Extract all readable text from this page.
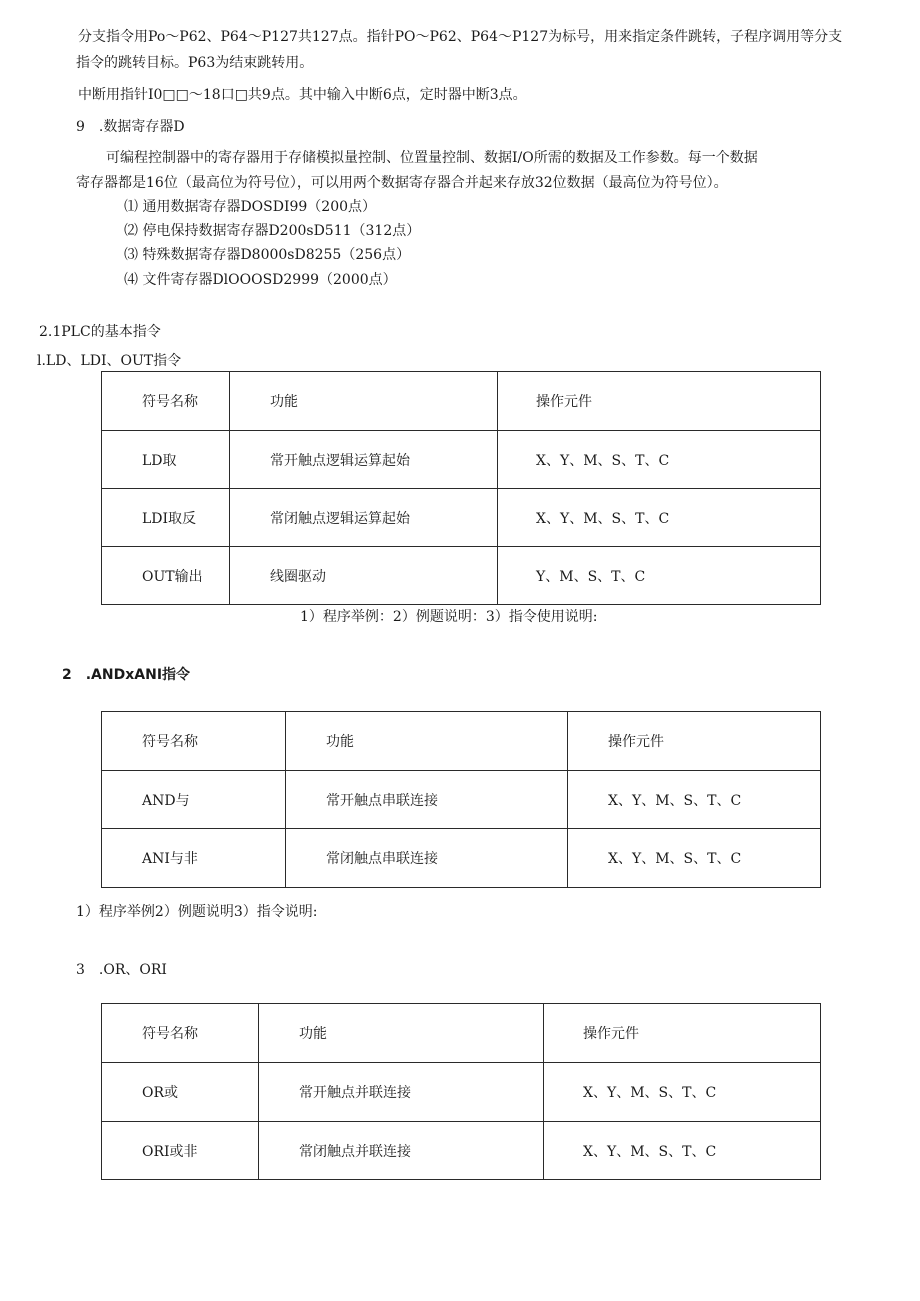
分支指令用Po～P62、P64～P127共127点。指针PO～P62、P64～P127为标号，用来指定条件跳转，子程序调用等分支
指令的跳转目标。P63为结束跳转用。
中断用指针I0□□～18口□共9点。其中输入中断6点，定时器中断3点。
9　.数据寄存器D
可编程控制器中的寄存器用于存储模拟量控制、位置量控制、数据I/O所需的数据及工作参数。每一个数据
寄存器都是16位（最高位为符号位），可以用两个数据寄存器合并起来存放32位数据（最高位为符号位）。
⑴ 通用数据寄存器DOSDI99（200点）
⑵ 停电保持数据寄存器D200sD511（312点）
⑶ 特殊数据寄存器D8000sD8255（256点）
⑷ 文件寄存器DlOOOSD2999（2000点）
2.1PLC的基本指令
l.LD、LDI、OUT指令
符号名称	功能	操作元件

LD取	常开触点逻辑运算起始	X、Y、M、S、T、C

LDI取反	常闭触点逻辑运算起始	X、Y、M、S、T、C

OUT输出	线圈驱动	Y、M、S、T、C
1）程序举例：2）例题说明：3）指令使用说明:
2　.ANDxANI指令
符号名称	功能	操作元件

AND与	常开触点串联连接	X、Y、M、S、T、C

ANI与非	常闭触点串联连接	X、Y、M、S、T、C
1）程序举例2）例题说明3）指令说明:
3　.OR、ORI
符号名称	功能	操作元件

OR或	常开触点并联连接	X、Y、M、S、T、C

ORI或非	常闭触点并联连接	X、Y、M、S、T、C
